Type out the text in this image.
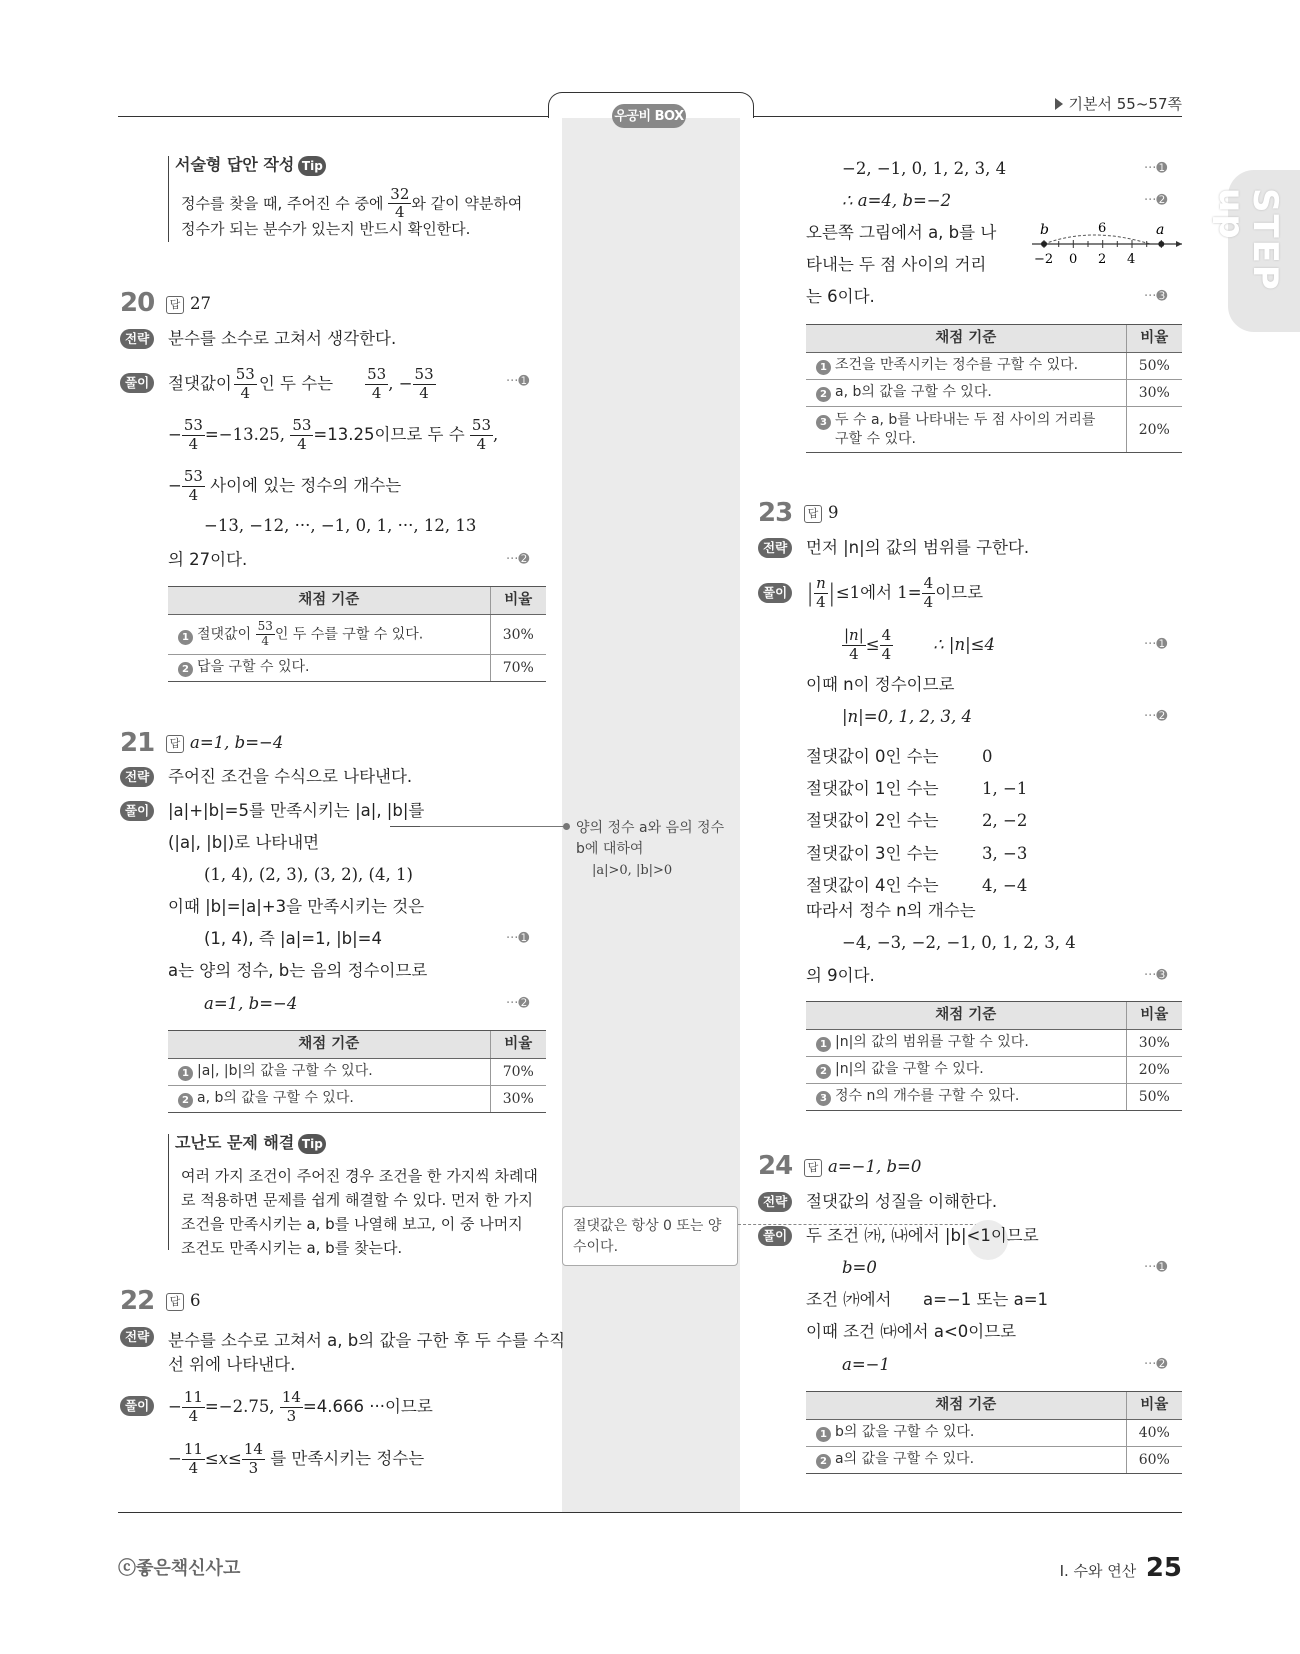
우공비 BOX
기본서 55~57쪽
STEP up
서술형 답안 작성 Tip
정수를 찾을 때, 주어진 수 중에 $\frac{32}{4}$ 와 같이 약분하여
정수가 되는 분수가 있는지 반드시 확인한다.
20	답 27
전략	분수를 소수로 고쳐서 생각한다.
풀이	절댓값이 $\frac{53}{4}$ 인 두 수는 $\frac{53}{4}$ , − $\frac{53}{4}$	···➊
− $\frac{53}{4} =-13.25$,
$\frac{53}{4} =13.25$이므로 두 수
$\frac{53}{4}$ ,
− $\frac{53}{4}$
사이에 있는 정수의 개수는
−13, −12, ···, −1, 0, 1, ···, 12, 13
의 27이다.	···➋
채점 기준	비율
1 절댓값이 $\frac{53}{4}$ 인 두 수를 구할 수 있다.	30%
2 답을 구할 수 있다.	70%
21	답 a=1, b=−4
전략	주어진 조건을 수식으로 나타낸다.
풀이	|a|+|b|=5를 만족시키는 |a|, |b|를
(|a|, |b|)로 나타내면
(1, 4), (2, 3), (3, 2), (4, 1)
이때 |b|=|a|+3을 만족시키는 것은
(1, 4), 즉 |a|=1, |b|=4	···➊
a는 양의 정수, b는 음의 정수이므로
a=1, b=−4	···➋
채점 기준	비율
1 |a|, |b|의 값을 구할 수 있다.	70%
2 a, b의 값을 구할 수 있다.	30%
양의 정수 a와 음의 정수
b에 대하여
|a|>0, |b|>0
고난도 문제 해결 Tip
여러 가지 조건이 주어진 경우 조건을 한 가지씩 차례대
로 적용하면 문제를 쉽게 해결할 수 있다. 먼저 한 가지
조건을 만족시키는 a, b를 나열해 보고, 이 중 나머지
조건도 만족시키는 a, b를 찾는다.
22	답 6
전략	분수를 소수로 고쳐서 a, b의 값을 구한 후 두 수를 수직
선 위에 나타낸다.
풀이	− $\frac{11}{4} =-2.75$,
$\frac{14}{3} =4.666$ ···이므로
− $\frac{11}{4} \le x\le \frac{14}{3}$
를 만족시키는 정수는
−2, −1, 0, 1, 2, 3, 4	···➊
∴ a=4, b=−2	···➋
오른쪽 그림에서 a, b를 나
타내는 두 점 사이의 거리
는 6이다.	···➌
b	a
6
−2 0 2 4
채점 기준	비율
1 조건을 만족시키는 정수를 구할 수 있다.	50%
2 a, b의 값을 구할 수 있다.	30%
3 두 수 a, b를 나타내는 두 점 사이의 거리를
구할 수 있다.	20%
23	답 9
전략	먼저 |n|의 값의 범위를 구한다.
풀이 | $\frac{n}{4}$ | ≤1에서 $1= \frac{4}{4}$ 이므로
$\frac{|n|}{4} \le \frac{4}{4}$ ∴ |n|≤4	···➊
이때 n이 정수이므로
|n|=0, 1, 2, 3, 4	···➋
절댓값이 0인 수는	0
절댓값이 1인 수는	1, −1
절댓값이 2인 수는	2, −2
절댓값이 3인 수는	3, −3
절댓값이 4인 수는	4, −4
따라서 정수 n의 개수는
−4, −3, −2, −1, 0, 1, 2, 3, 4
의 9이다.	···➌
채점 기준	비율
1 |n|의 값의 범위를 구할 수 있다.	30%
2 |n|의 값을 구할 수 있다.	20%
3 정수 n의 개수를 구할 수 있다.	50%
절댓값은 항상 0 또는 양
수이다.
24	답 a=−1, b=0
전략	절댓값의 성질을 이해한다.
풀이	두 조건 ㈎, ㈏에서 |b|<1이므로
b=0	···➊
조건 ㈎에서      a=−1 또는 a=1
이때 조건 ㈐에서 a<0이므로
a=−1	···➋
채점 기준	비율
1 b의 값을 구할 수 있다.	40%
2 a의 값을 구할 수 있다.	60%
ⓒ좋은책신사고	I. 수와 연산 25
